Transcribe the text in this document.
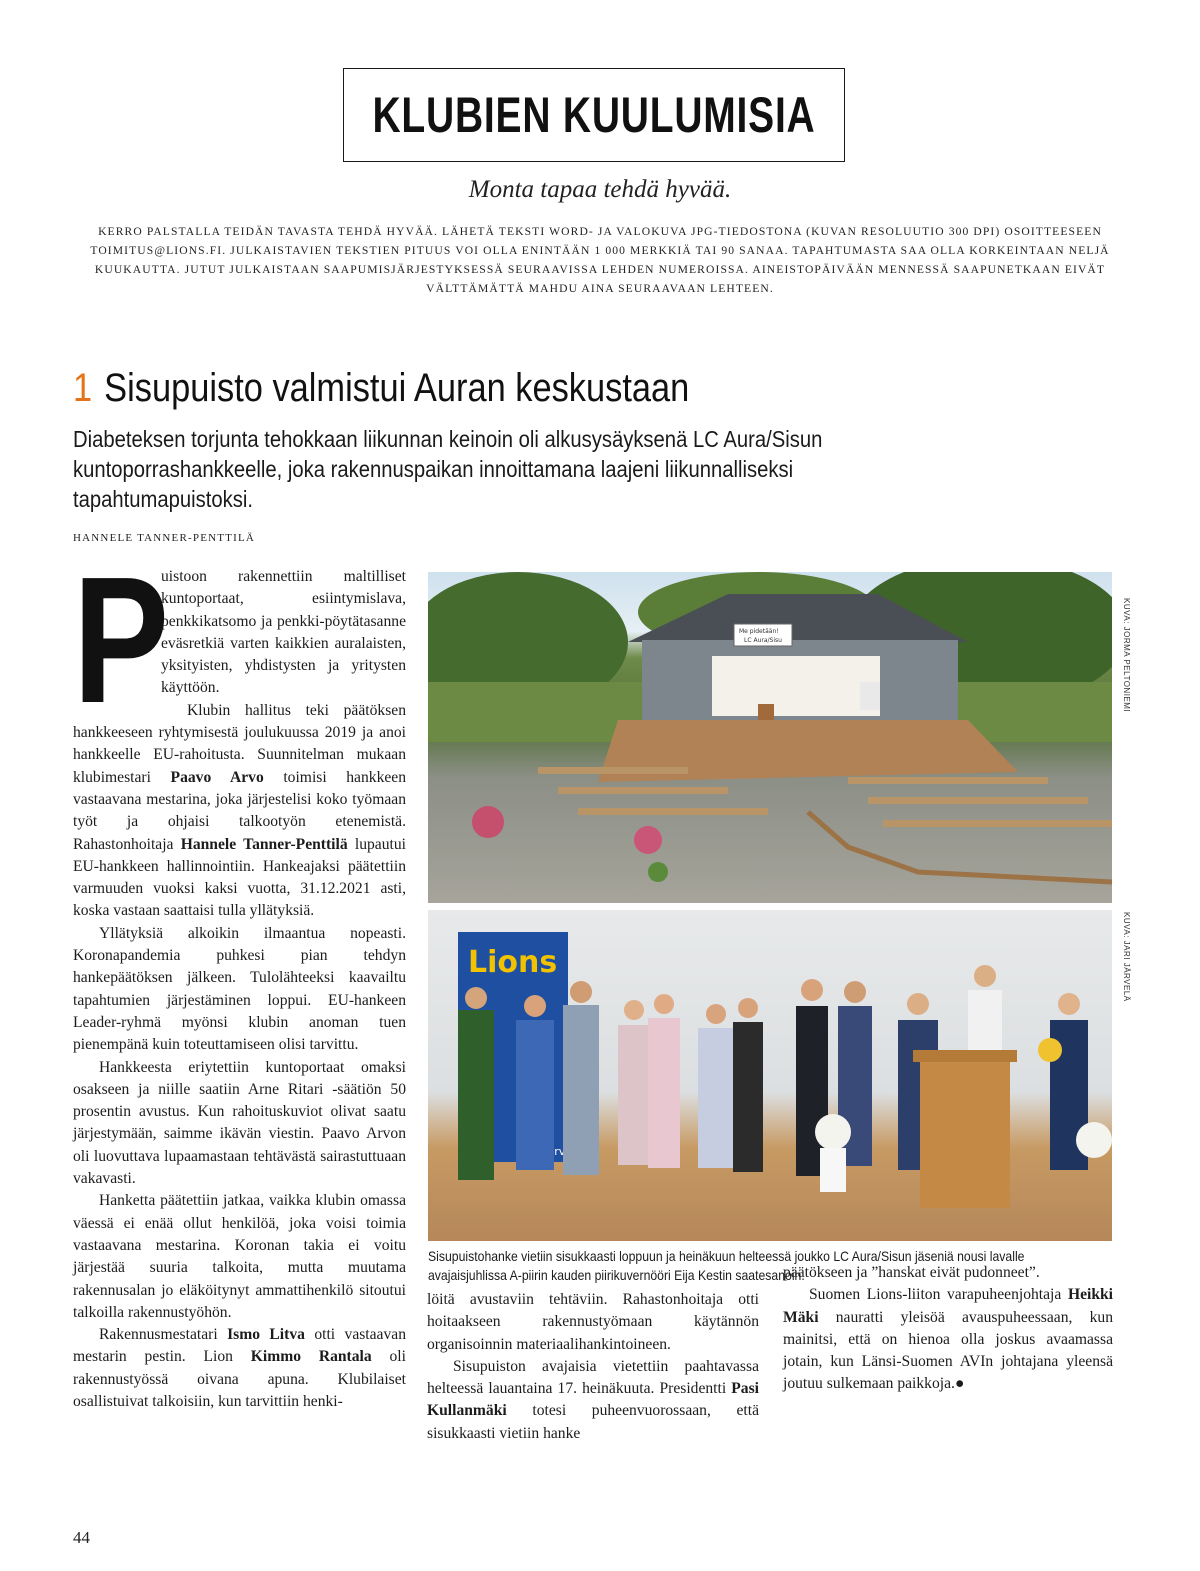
KLUBIEN KUULUMISIA
Monta tapaa tehdä hyvää.
KERRO PALSTALLA TEIDÄN TAVASTA TEHDÄ HYVÄÄ. LÄHETÄ TEKSTI WORD- JA VALOKUVA JPG-TIEDOSTONA (KUVAN RESOLUUTIO 300 DPI) OSOITTEESEEN TOIMITUS@LIONS.FI. JULKAISTAVIEN TEKSTIEN PITUUS VOI OLLA ENINTÄÄN 1 000 MERKKIÄ TAI 90 SANAA. TAPAHTUMASTA SAA OLLA KORKEINTAAN NELJÄ KUUKAUTTA. JUTUT JULKAISTAAN SAAPUMISJÄRJESTYKSESSÄ SEURAAVISSA LEHDEN NUMEROISSA. AINEISTOPÄIVÄÄN MENNESSÄ SAAPUNETKAAN EIVÄT VÄLTTÄMÄTTÄ MAHDU AINA SEURAAVAAN LEHTEEN.
1 Sisupuisto valmistui Auran keskustaan
Diabeteksen torjunta tehokkaan liikunnan keinoin oli alkusysäyksenä LC Aura/Sisun kuntoporrashankkeelle, joka rakennuspaikan innoittamana laajeni liikunnalliseksi tapahtumapuistoksi.
HANNELE TANNER-PENTTILÄ

P
uistoon rakennettiin maltilliset kuntoportaat, esiintymislava, penkkikatsomo ja penkki-pöytätasanne eväsretkiä varten kaikkien auralaisten, yksityisten, yhdistysten ja yritysten käyttöön.

Klubin hallitus teki päätöksen hankkeeseen ryhtymisestä joulukuussa 2019 ja anoi hankkeelle EU-rahoitusta. Suunnitelman mukaan klubimestari Paavo Arvo toimisi hankkeen vastaavana mestarina, joka järjestelisi koko työmaan työt ja ohjaisi talkootyön etenemistä. Rahastonhoitaja Hannele Tanner-Penttilä lupautui EU-hankkeen hallinnointiin. Hankeajaksi päätettiin varmuuden vuoksi kaksi vuotta, 31.12.2021 asti, koska vastaan saattaisi tulla yllätyksiä.

Yllätyksiä alkoikin ilmaantua nopeasti. Koronapandemia puhkesi pian tehdyn hankepäätöksen jälkeen. Tulolähteeksi kaavailtu tapahtumien järjestäminen loppui. EU-hankeen Leader-ryhmä myönsi klubin anoman tuen pienempänä kuin toteuttamiseen olisi tarvittu.

Hankkeesta eriytettiin kuntoportaat omaksi osakseen ja niille saatiin Arne Ritari -säätiön 50 prosentin avustus. Kun rahoituskuviot olivat saatu järjestymään, saimme ikävän viestin. Paavo Arvon oli luovuttava lupaamastaan tehtävästä sairastuttuaan vakavasti.

Hanketta päätettiin jatkaa, vaikka klubin omassa väessä ei enää ollut henkilöä, joka voisi toimia vastaavana mestarina. Koronan takia ei voitu järjestää suuria talkoita, mutta muutama rakennusalan jo eläköitynyt ammattihenkilö sitoutui talkoilla rakennustyöhön.

Rakennusmestatari Ismo Litva otti vastaavan mestarin pestin. Lion Kimmo Rantala oli rakennustyössä oivana apuna. Klubilaiset osallistuivat talkoisiin, kun tarvittiin henki-

Me pidetään!
LC Aura/Sisu	KUVA: JORMA PELTONIEMI
Lions
Serve
KUVA: JARI JÄRVELÄ
Sisupuistohanke vietiin sisukkaasti loppuun ja heinäkuun helteessä joukko LC Aura/Sisun jäseniä nousi lavalle avajaisjuhlissa A-piirin kauden piirikuvernööri Eija Kestin saatesanoin.

löitä avustaviin tehtäviin. Rahastonhoitaja otti hoitaakseen rakennustyömaan käytännön organisoinnin materiaalihankintoineen.

Sisupuiston avajaisia vietettiin paahtavassa helteessä lauantaina 17. heinäkuuta. Presidentti Pasi Kullanmäki totesi puheenvuorossaan, että sisukkaasti vietiin hanke

päätökseen ja ”hanskat eivät pudonneet”.

Suomen Lions-liiton varapuheenjohtaja Heikki Mäki nauratti yleisöä avauspuheessaan, kun mainitsi, että on hienoa olla joskus avaamassa jotain, kun Länsi-Suomen AVIn johtajana yleensä joutuu sulkemaan paikkoja.●

44
